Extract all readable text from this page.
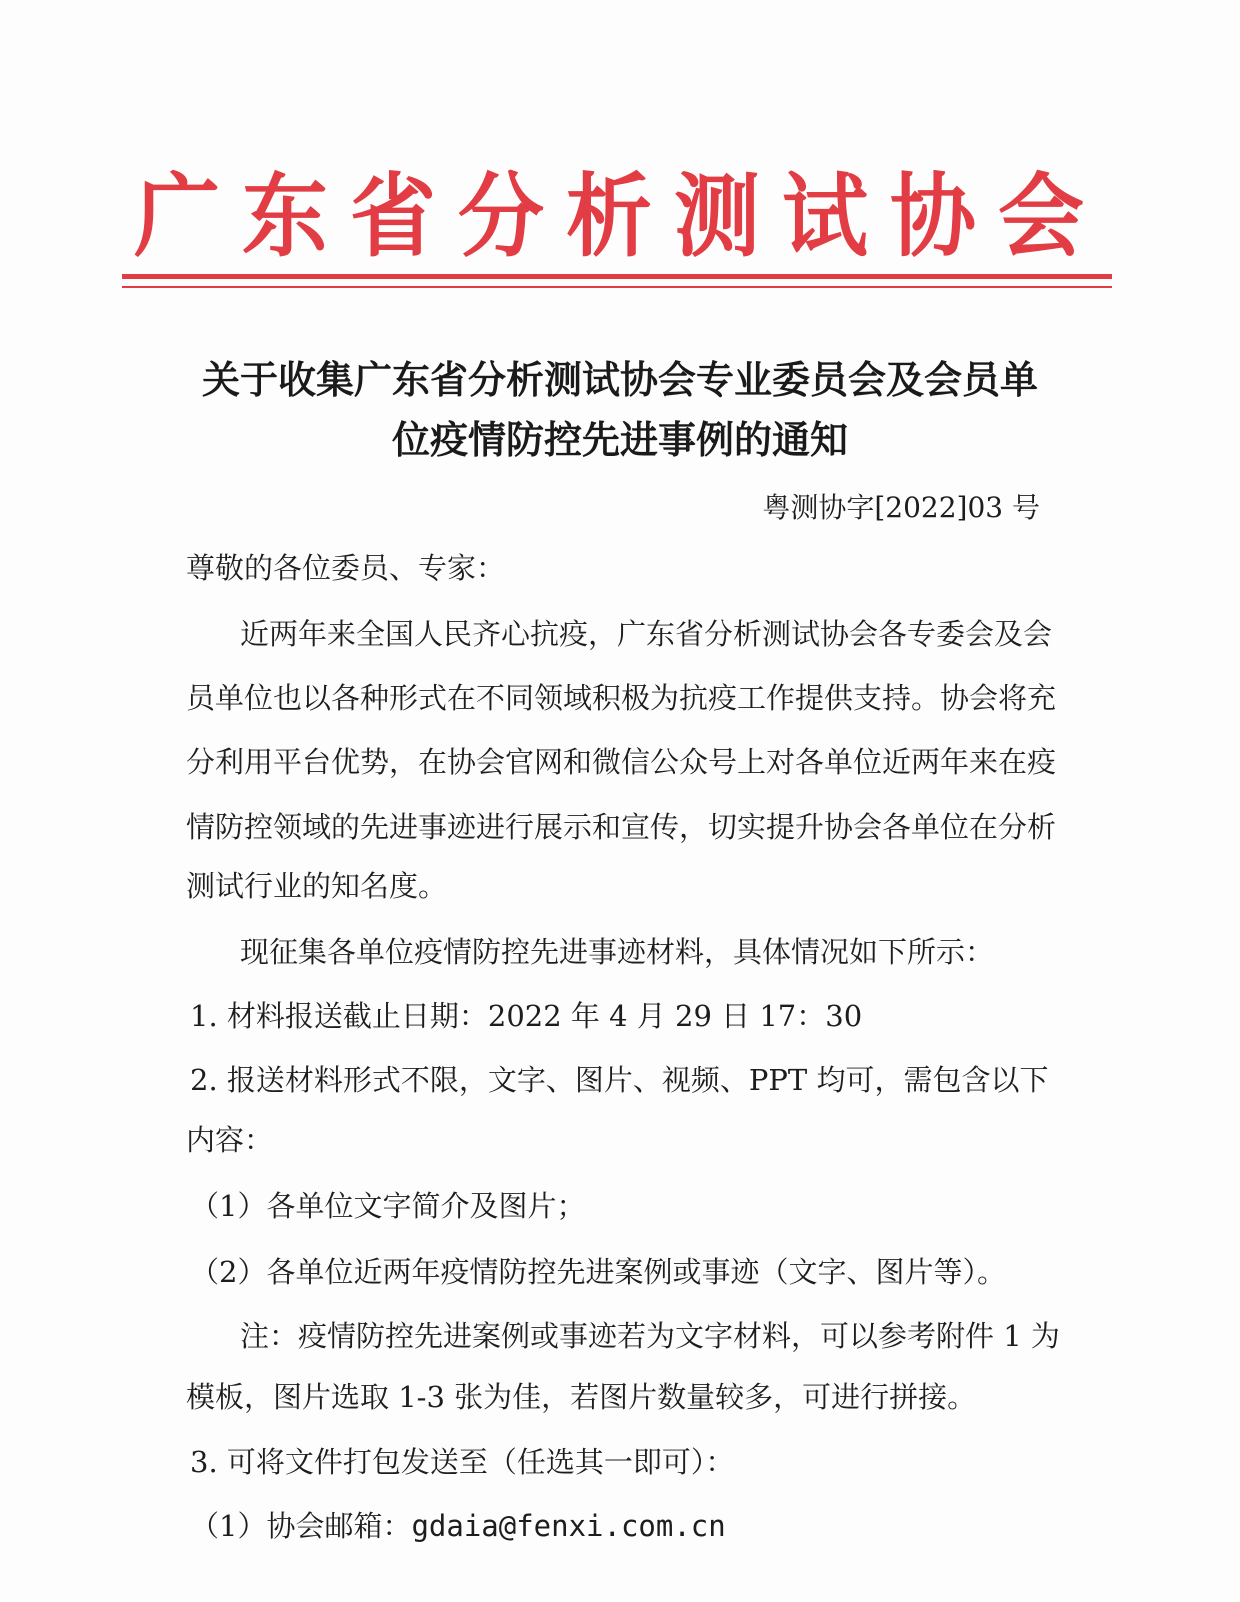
广东省分析测试协会
关于收集广东省分析测试协会专业委员会及会员单
位疫情防控先进事例的通知
粤测协字[2022]03 号
尊敬的各位委员、专家：
近两年来全国人民齐心抗疫，广东省分析测试协会各专委会及会
员单位也以各种形式在不同领域积极为抗疫工作提供支持。协会将充
分利用平台优势，在协会官网和微信公众号上对各单位近两年来在疫
情防控领域的先进事迹进行展示和宣传，切实提升协会各单位在分析
测试行业的知名度。
现征集各单位疫情防控先进事迹材料，具体情况如下所示：
1. 材料报送截止日期：2022 年 4 月 29 日 17：30
2. 报送材料形式不限，文字、图片、视频、PPT 均可，需包含以下
内容：
（1）各单位文字简介及图片；
（2）各单位近两年疫情防控先进案例或事迹（文字、图片等）。
注：疫情防控先进案例或事迹若为文字材料，可以参考附件 1 为
模板，图片选取 1-3 张为佳，若图片数量较多，可进行拼接。
3. 可将文件打包发送至（任选其一即可）：
（1）协会邮箱：gdaia@fenxi.com.cn
